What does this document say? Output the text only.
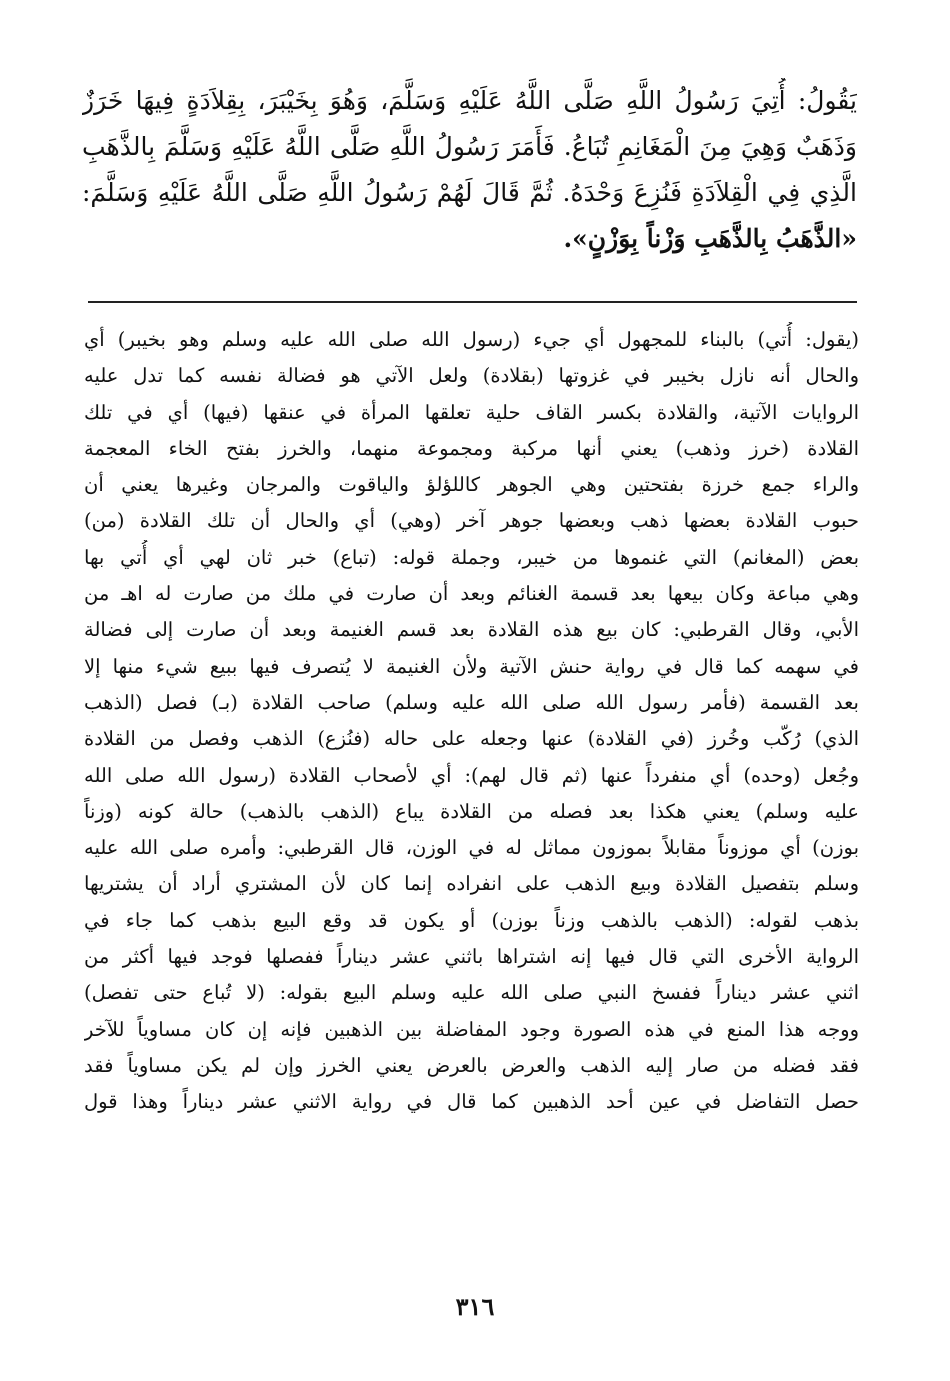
يَقُولُ: أُتِيَ رَسُولُ اللَّهِ صَلَّى اللَّهُ عَلَيْهِ وَسَلَّمَ، وَهُوَ بِخَيْبَرَ، بِقِلاَدَةٍ فِيهَا خَرَزٌ
وَذَهَبٌ وَهِيَ مِنَ الْمَغَانِمِ تُبَاعُ. فَأَمَرَ رَسُولُ اللَّهِ صَلَّى اللَّهُ عَلَيْهِ وَسَلَّمَ بِالذَّهَبِ
الَّذِي فِي الْقِلاَدَةِ فَنُزِعَ وَحْدَهُ. ثُمَّ قَالَ لَهُمْ رَسُولُ اللَّهِ صَلَّى اللَّهُ عَلَيْهِ وَسَلَّمَ:
«الذَّهَبُ بِالذَّهَبِ وَزْناً بِوَزْنٍ».
(يقول: أُتي) بالبناء للمجهول أي جيء (رسول الله صلى الله عليه وسلم وهو بخيبر) أي
والحال أنه نازل بخيبر في غزوتها (بقلادة) ولعل الآتي هو فضالة نفسه كما تدل عليه
الروايات الآتية، والقلادة بكسر القاف حلية تعلقها المرأة في عنقها (فيها) أي في تلك
القلادة (خرز وذهب) يعني أنها مركبة ومجموعة منهما، والخرز بفتح الخاء المعجمة
والراء جمع خرزة بفتحتين وهي الجوهر كاللؤلؤ والياقوت والمرجان وغيرها يعني أن
حبوب القلادة بعضها ذهب وبعضها جوهر آخر (وهي) أي والحال أن تلك القلادة (من)
بعض (المغانم) التي غنموها من خيبر، وجملة قوله: (تباع) خبر ثان لهي أي أُتي بها
وهي مباعة وكان بيعها بعد قسمة الغنائم وبعد أن صارت في ملك من صارت له اهـ من
الأبي، وقال القرطبي: كان بيع هذه القلادة بعد قسم الغنيمة وبعد أن صارت إلى فضالة
في سهمه كما قال في رواية حنش الآتية ولأن الغنيمة لا يُتصرف فيها ببيع شيء منها إلا
بعد القسمة (فأمر رسول الله صلى الله عليه وسلم) صاحب القلادة (بـ) فصل (الذهب
الذي) رُكّب وخُرز (في القلادة) عنها وجعله على حاله (فنُزع) الذهب وفصل من القلادة
وجُعل (وحده) أي منفرداً عنها (ثم قال لهم): أي لأصحاب القلادة (رسول الله صلى الله
عليه وسلم) يعني هكذا بعد فصله من القلادة يباع (الذهب بالذهب) حالة كونه (وزناً
بوزن) أي موزوناً مقابلاً بموزون مماثل له في الوزن، قال القرطبي: وأمره صلى الله عليه
وسلم بتفصيل القلادة وبيع الذهب على انفراده إنما كان لأن المشتري أراد أن يشتريها
بذهب لقوله: (الذهب بالذهب وزناً بوزن) أو يكون قد وقع البيع بذهب كما جاء في
الرواية الأخرى التي قال فيها إنه اشتراها باثني عشر ديناراً ففصلها فوجد فيها أكثر من
اثني عشر ديناراً ففسخ النبي صلى الله عليه وسلم البيع بقوله: (لا تُباع حتى تفصل)
ووجه هذا المنع في هذه الصورة وجود المفاضلة بين الذهبين فإنه إن كان مساوياً للآخر
فقد فضله من صار إليه الذهب والعرض بالعرض يعني الخرز وإن لم يكن مساوياً فقد
حصل التفاضل في عين أحد الذهبين كما قال في رواية الاثني عشر ديناراً وهذا قول
٣١٦
